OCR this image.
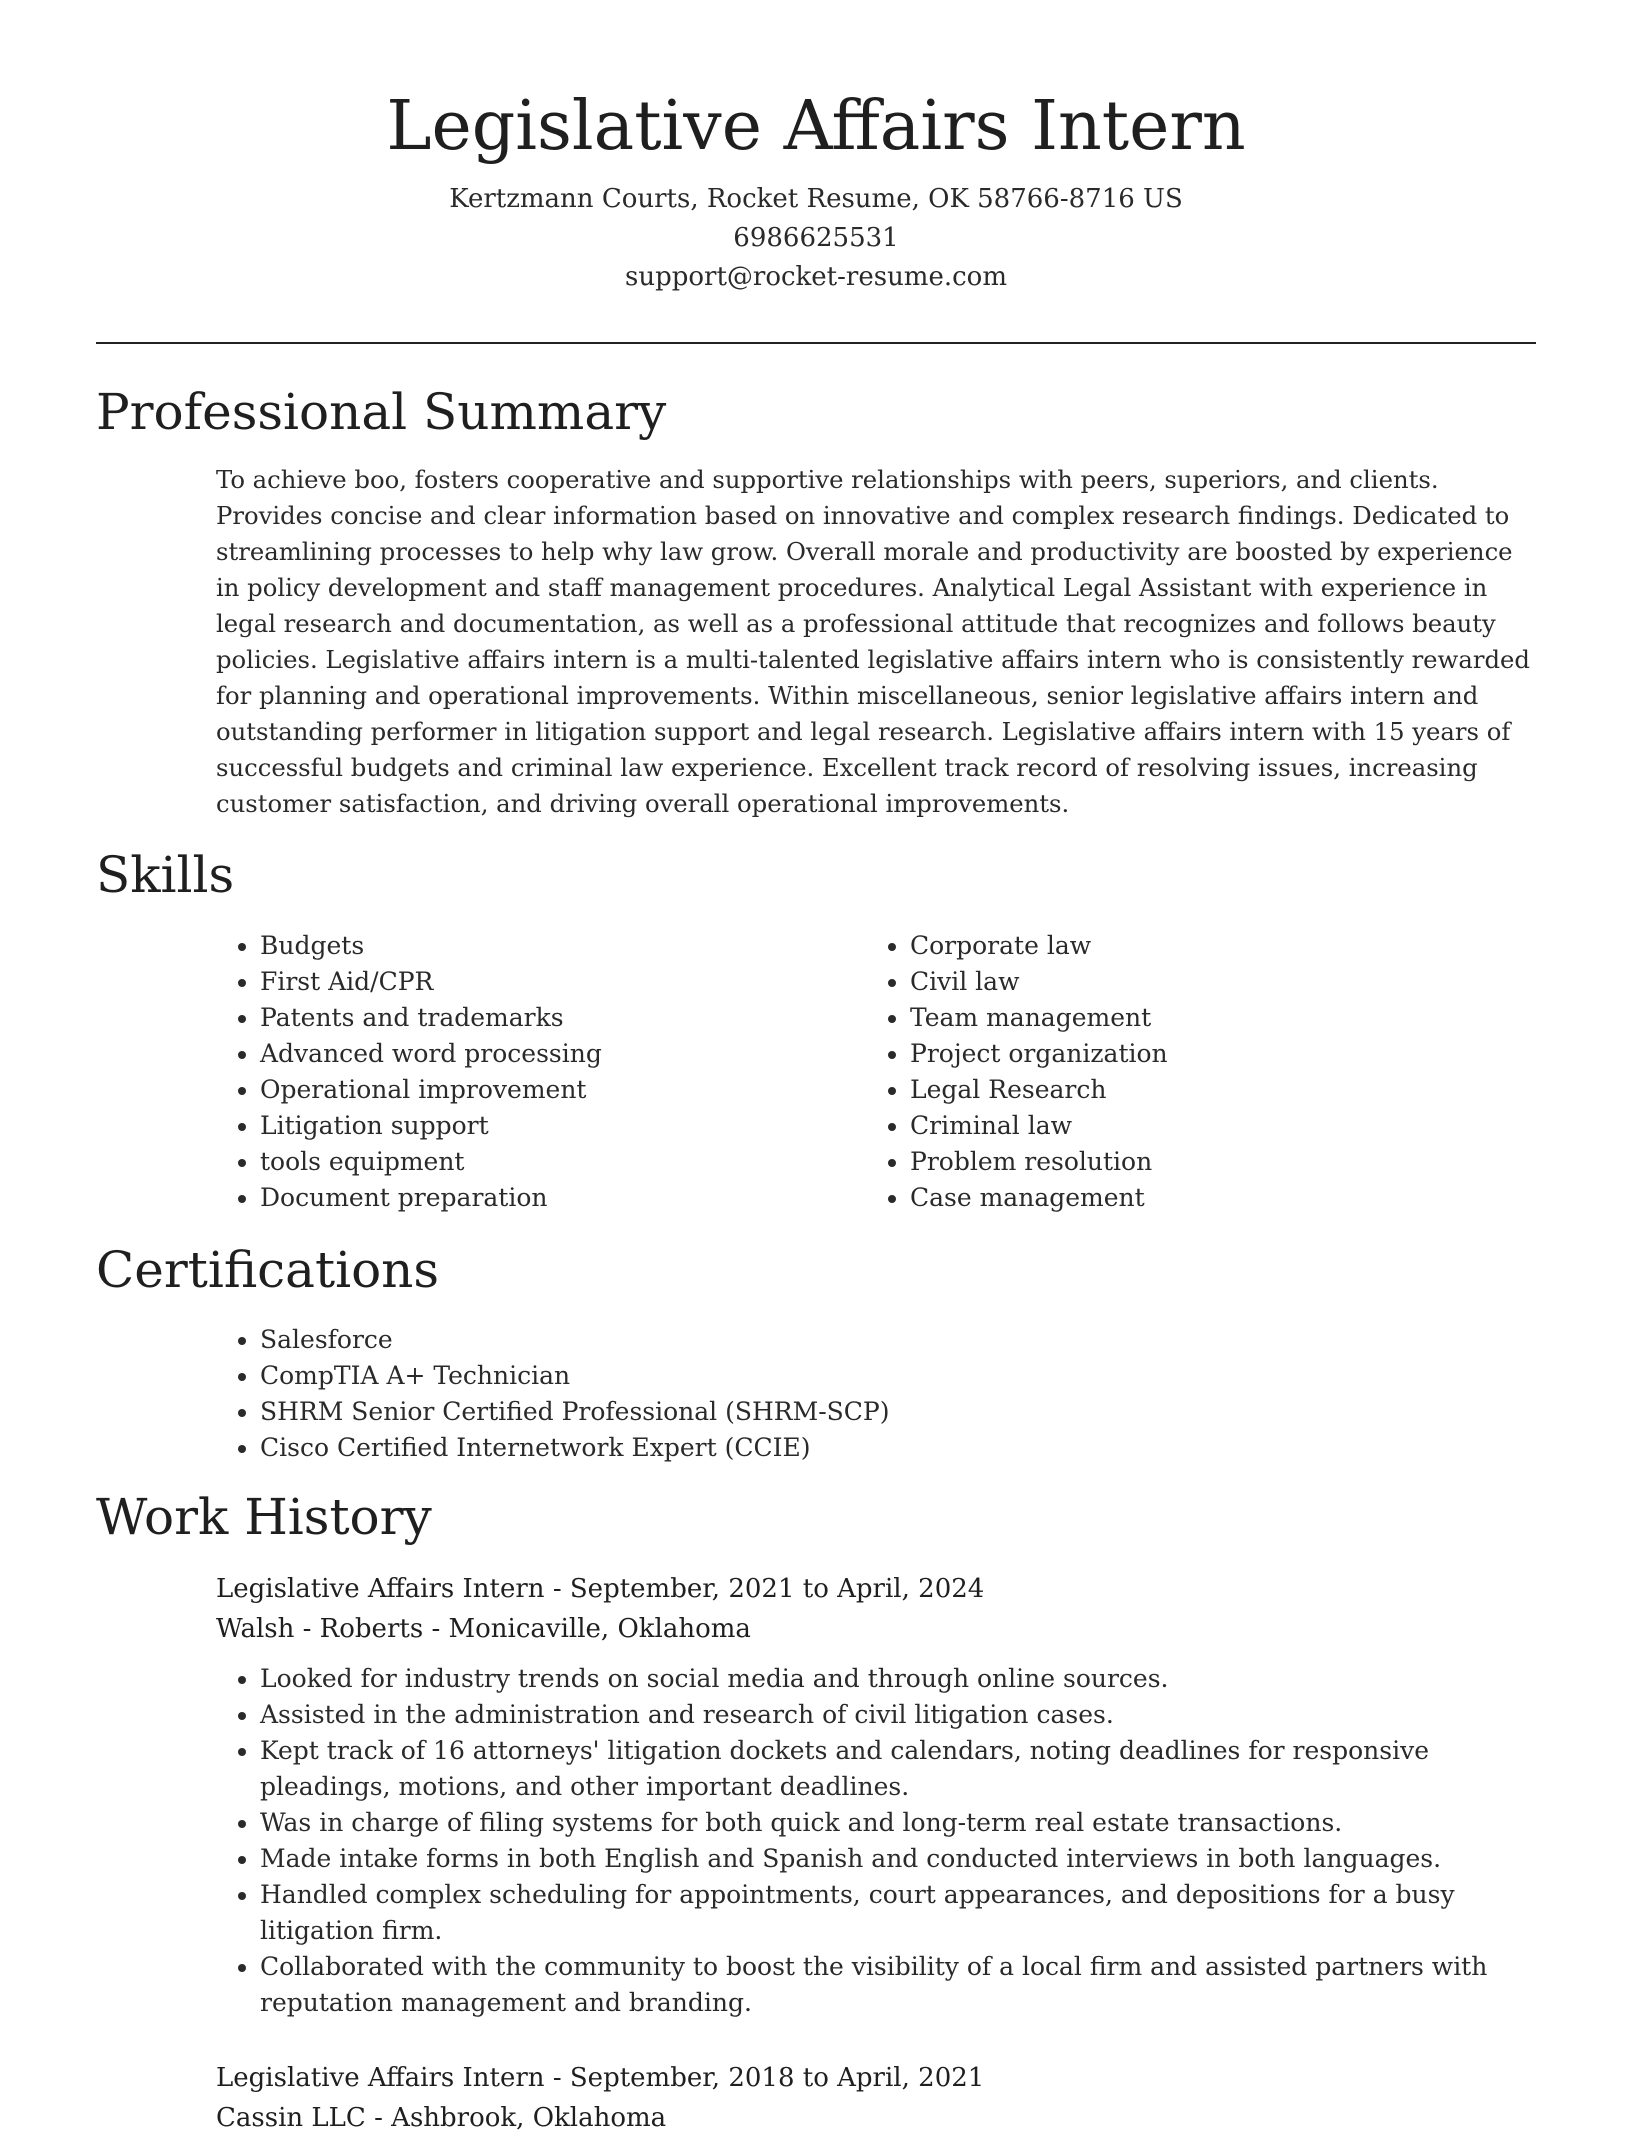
Legislative Affairs Intern
Kertzmann Courts, Rocket Resume, OK 58766-8716 US
6986625531
support@rocket-resume.com
Professional Summary

To achieve boo, fosters cooperative and supportive relationships with peers, superiors, and clients. Provides concise and clear information based on innovative and complex research findings. Dedicated to streamlining processes to help why law grow. Overall morale and productivity are boosted by experience in policy development and staff management procedures. Analytical Legal Assistant with experience in legal research and documentation, as well as a professional attitude that recognizes and follows beauty policies. Legislative affairs intern is a multi-talented legislative affairs intern who is consistently rewarded for planning and operational improvements. Within miscellaneous, senior legislative affairs intern and outstanding performer in litigation support and legal research. Legislative affairs intern with 15 years of successful budgets and criminal law experience. Excellent track record of resolving issues, increasing customer satisfaction, and driving overall operational improvements.

Skills
• Budgets
• First Aid/CPR
• Patents and trademarks
• Advanced word processing
• Operational improvement
• Litigation support
• tools equipment
• Document preparation
• Corporate law
• Civil law
• Team management
• Project organization
• Legal Research
• Criminal law
• Problem resolution
• Case management
Certifications
• Salesforce
• CompTIA A+ Technician
• SHRM Senior Certified Professional (SHRM-SCP)
• Cisco Certified Internetwork Expert (CCIE)
Work History
Legislative Affairs Intern - September, 2021 to April, 2024
Walsh - Roberts - Monicaville, Oklahoma
• Looked for industry trends on social media and through online sources.
• Assisted in the administration and research of civil litigation cases.
• Kept track of 16 attorneys' litigation dockets and calendars, noting deadlines for responsive pleadings, motions, and other important deadlines.
• Was in charge of filing systems for both quick and long-term real estate transactions.
• Made intake forms in both English and Spanish and conducted interviews in both languages.
• Handled complex scheduling for appointments, court appearances, and depositions for a busy litigation firm.
• Collaborated with the community to boost the visibility of a local firm and assisted partners with reputation management and branding.
Legislative Affairs Intern - September, 2018 to April, 2021
Cassin LLC - Ashbrook, Oklahoma
